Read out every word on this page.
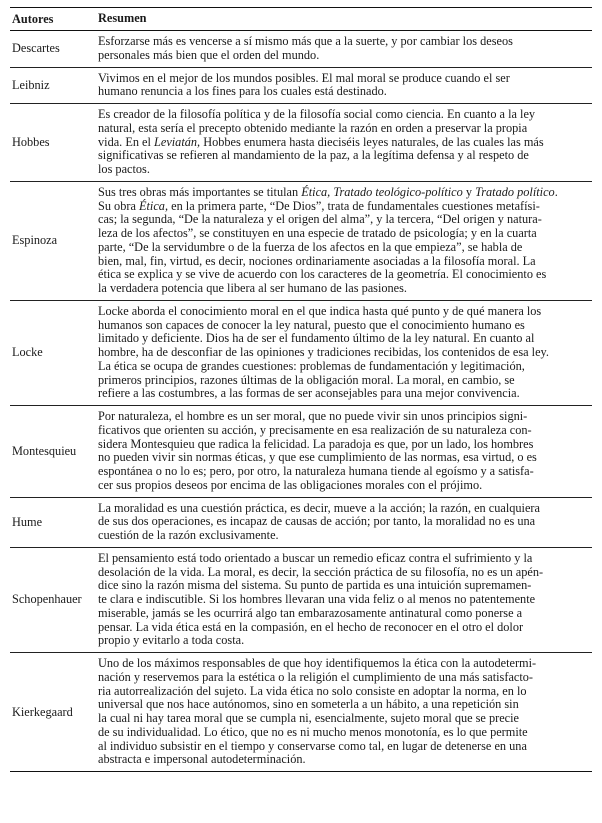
Autores	Resumen
Descartes
Esforzarse más es vencerse a sí mismo más que a la suerte, y por cambiar los deseos
personales más bien que el orden del mundo.
Leibniz
Vivimos en el mejor de los mundos posibles. El mal moral se produce cuando el ser
humano renuncia a los fines para los cuales está destinado.
Hobbes
Es creador de la filosofía política y de la filosofía social como ciencia. En cuanto a la ley
natural, esta sería el precepto obtenido mediante la razón en orden a preservar la propia
vida. En el Leviatán, Hobbes enumera hasta dieciséis leyes naturales, de las cuales las más
significativas se refieren al mandamiento de la paz, a la legítima defensa y al respeto de
los pactos.
Espinoza
Sus tres obras más importantes se titulan Ética, Tratado teológico-político y Tratado político.
Su obra Ética, en la primera parte, “De Dios”, trata de fundamentales cuestiones metafísi-
cas; la segunda, “De la naturaleza y el origen del alma”, y la tercera, “Del origen y natura-
leza de los afectos”, se constituyen en una especie de tratado de psicología; y en la cuarta
parte, “De la servidumbre o de la fuerza de los afectos en la que empieza”, se habla de
bien, mal, fin, virtud, es decir, nociones ordinariamente asociadas a la filosofía moral. La
ética se explica y se vive de acuerdo con los caracteres de la geometría. El conocimiento es
la verdadera potencia que libera al ser humano de las pasiones.
Locke
Locke aborda el conocimiento moral en el que indica hasta qué punto y de qué manera los
humanos son capaces de conocer la ley natural, puesto que el conocimiento humano es
limitado y deficiente. Dios ha de ser el fundamento último de la ley natural. En cuanto al
hombre, ha de desconfiar de las opiniones y tradiciones recibidas, los contenidos de esa ley.
La ética se ocupa de grandes cuestiones: problemas de fundamentación y legitimación,
primeros principios, razones últimas de la obligación moral. La moral, en cambio, se
refiere a las costumbres, a las formas de ser aconsejables para una mejor convivencia.
Montesquieu
Por naturaleza, el hombre es un ser moral, que no puede vivir sin unos principios signi-
ficativos que orienten su acción, y precisamente en esa realización de su naturaleza con-
sidera Montesquieu que radica la felicidad. La paradoja es que, por un lado, los hombres
no pueden vivir sin normas éticas, y que ese cumplimiento de las normas, esa virtud, o es
espontánea o no lo es; pero, por otro, la naturaleza humana tiende al egoísmo y a satisfa-
cer sus propios deseos por encima de las obligaciones morales con el prójimo.
Hume
La moralidad es una cuestión práctica, es decir, mueve a la acción; la razón, en cualquiera
de sus dos operaciones, es incapaz de causas de acción; por tanto, la moralidad no es una
cuestión de la razón exclusivamente.
Schopenhauer
El pensamiento está todo orientado a buscar un remedio eficaz contra el sufrimiento y la
desolación de la vida. La moral, es decir, la sección práctica de su filosofía, no es un apén-
dice sino la razón misma del sistema. Su punto de partida es una intuición supremamen-
te clara e indiscutible. Si los hombres llevaran una vida feliz o al menos no patentemente
miserable, jamás se les ocurrirá algo tan embarazosamente antinatural como ponerse a
pensar. La vida ética está en la compasión, en el hecho de reconocer en el otro el dolor
propio y evitarlo a toda costa.
Kierkegaard
Uno de los máximos responsables de que hoy identifiquemos la ética con la autodetermi-
nación y reservemos para la estética o la religión el cumplimiento de una más satisfacto-
ria autorrealización del sujeto. La vida ética no solo consiste en adoptar la norma, en lo
universal que nos hace autónomos, sino en someterla a un hábito, a una repetición sin
la cual ni hay tarea moral que se cumpla ni, esencialmente, sujeto moral que se precie
de su individualidad. Lo ético, que no es ni mucho menos monotonía, es lo que permite
al individuo subsistir en el tiempo y conservarse como tal, en lugar de detenerse en una
abstracta e impersonal autodeterminación.
